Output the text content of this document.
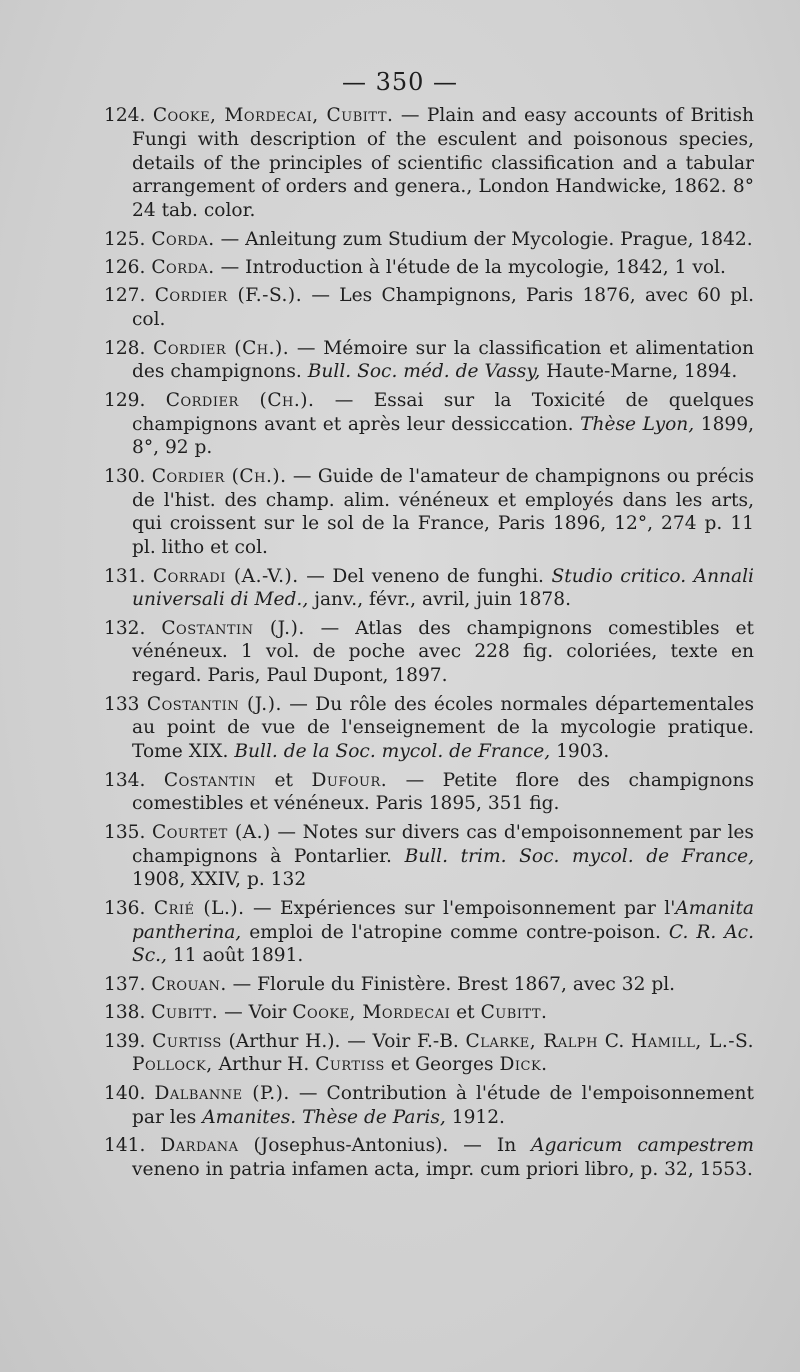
— 350 —

124. Cooke, Mordecai, Cubitt. — Plain and easy accounts of British Fungi with description of the esculent and poisonous species, details of the principles of scientific classification and a tabular arrangement of orders and genera., London Handwicke, 1862. 8° 24 tab. color.

125. Corda. — Anleitung zum Studium der Mycologie. Prague, 1842.

126. Corda. — Introduction à l'étude de la mycologie, 1842, 1 vol.

127. Cordier (F.-S.). — Les Champignons, Paris 1876, avec 60 pl. col.

128. Cordier (Ch.). — Mémoire sur la classification et alimentation des champignons. Bull. Soc. méd. de Vassy, Haute-Marne, 1894.

129. Cordier (Ch.). — Essai sur la Toxicité de quelques champignons avant et après leur dessiccation. Thèse Lyon, 1899, 8°, 92 p.

130. Cordier (Ch.). — Guide de l'amateur de champignons ou précis de l'hist. des champ. alim. vénéneux et employés dans les arts, qui croissent sur le sol de la France, Paris 1896, 12°, 274 p. 11 pl. litho et col.

131. Corradi (A.-V.). — Del veneno de funghi. Studio critico. Annali universali di Med., janv., févr., avril, juin 1878.

132. Costantin (J.). — Atlas des champignons comestibles et vénéneux. 1 vol. de poche avec 228 fig. coloriées, texte en regard. Paris, Paul Dupont, 1897.

133 Costantin (J.). — Du rôle des écoles normales départementales au point de vue de l'enseignement de la mycologie pratique. Tome XIX. Bull. de la Soc. mycol. de France, 1903.

134. Costantin et Dufour. — Petite flore des champignons comestibles et vénéneux. Paris 1895, 351 fig.

135. Courtet (A.) — Notes sur divers cas d'empoisonnement par les champignons à Pontarlier. Bull. trim. Soc. mycol. de France, 1908, XXIV, p. 132

136. Crié (L.). — Expériences sur l'empoisonnement par l'Amanita pantherina, emploi de l'atropine comme contre-poison. C. R. Ac. Sc., 11 août 1891.

137. Crouan. — Florule du Finistère. Brest 1867, avec 32 pl.

138. Cubitt. — Voir Cooke, Mordecai et Cubitt.

139. Curtiss (Arthur H.). — Voir F.-B. Clarke, Ralph C. Hamill, L.-S. Pollock, Arthur H. Curtiss et Georges Dick.

140. Dalbanne (P.). — Contribution à l'étude de l'empoisonnement par les Amanites. Thèse de Paris, 1912.

141. Dardana (Josephus-Antonius). — In Agaricum campestrem veneno in patria infamen acta, impr. cum priori libro, p. 32, 1553.
